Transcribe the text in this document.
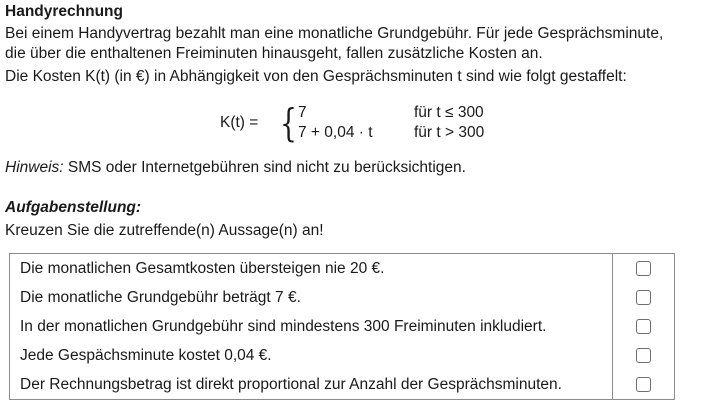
Handyrechnung
Bei einem Handyvertrag bezahlt man eine monatliche Grundgebühr. Für jede Gesprächsminute,
die über die enthaltenen Freiminuten hinausgeht, fallen zusätzliche Kosten an.
Die Kosten K(t) (in €) in Abhängigkeit von den Gesprächsminuten t sind wie folgt gestaffelt:
K(t) = { 7	für t ≤ 300
7 + 0,04 · t	für t > 300
Hinweis: SMS oder Internetgebühren sind nicht zu berücksichtigen.
Aufgabenstellung:
Kreuzen Sie die zutreffende(n) Aussage(n) an!
Die monatlichen Gesamtkosten übersteigen nie 20 €.	
Die monatliche Grundgebühr beträgt 7 €.	
In der monatlichen Grundgebühr sind mindestens 300 Freiminuten inkludiert.	
Jede Gespächsminute kostet 0,04 €.	
Der Rechnungsbetrag ist direkt proportional zur Anzahl der Gesprächsminuten.	
